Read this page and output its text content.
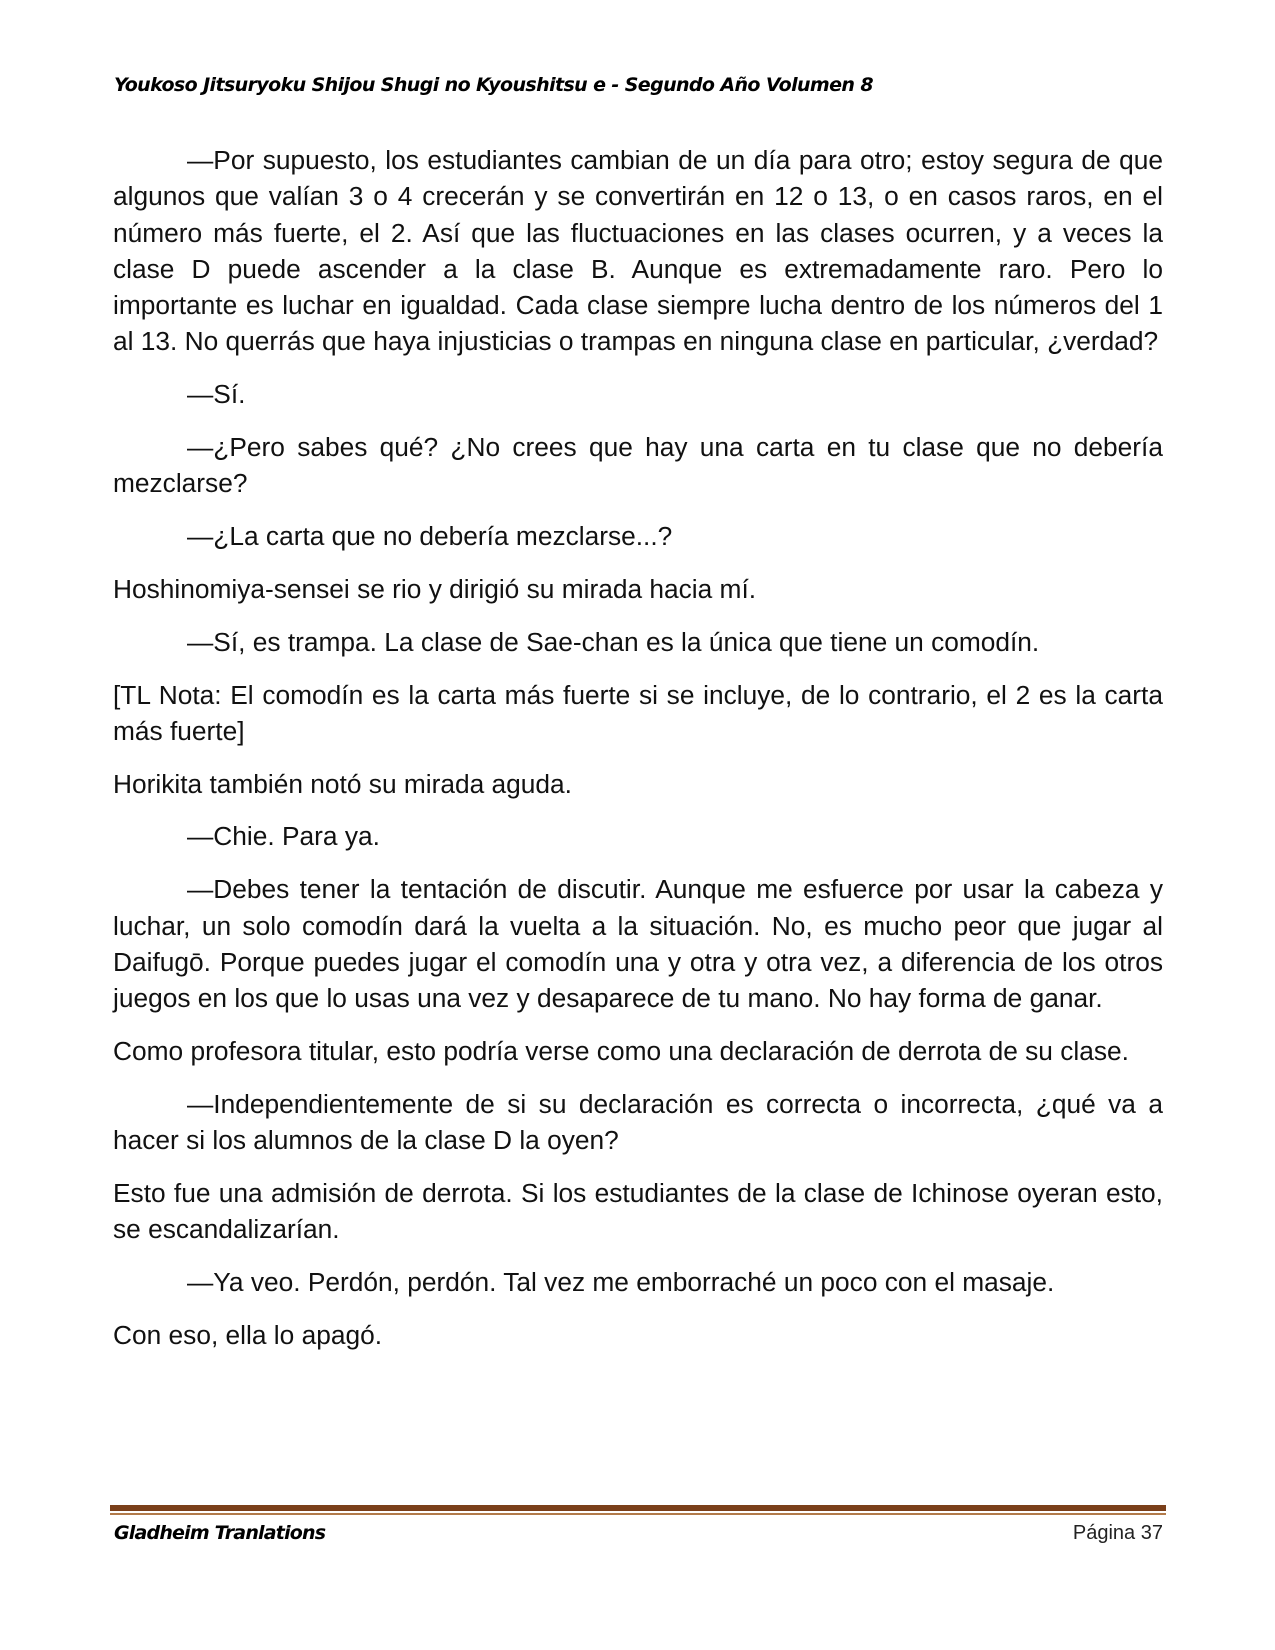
Youkoso Jitsuryoku Shijou Shugi no Kyoushitsu e - Segundo Año Volumen 8

—Por supuesto, los estudiantes cambian de un día para otro; estoy segura de que algunos que valían 3 o 4 crecerán y se convertirán en 12 o 13, o en casos raros, en el número más fuerte, el 2. Así que las fluctuaciones en las clases ocurren, y a veces la clase D puede ascender a la clase B. Aunque es extremadamente raro. Pero lo importante es luchar en igualdad. Cada clase siempre lucha dentro de los números del 1 al 13. No querrás que haya injusticias o trampas en ninguna clase en particular, ¿verdad?

—Sí.

—¿Pero sabes qué? ¿No crees que hay una carta en tu clase que no debería mezclarse?

—¿La carta que no debería mezclarse...?

Hoshinomiya-sensei se rio y dirigió su mirada hacia mí.

—Sí, es trampa. La clase de Sae-chan es la única que tiene un comodín.

[TL Nota: El comodín es la carta más fuerte si se incluye, de lo contrario, el 2 es la carta más fuerte]

Horikita también notó su mirada aguda.

—Chie. Para ya.

—Debes tener la tentación de discutir. Aunque me esfuerce por usar la cabeza y luchar, un solo comodín dará la vuelta a la situación. No, es mucho peor que jugar al Daifugō. Porque puedes jugar el comodín una y otra y otra vez, a diferencia de los otros juegos en los que lo usas una vez y desaparece de tu mano. No hay forma de ganar.

Como profesora titular, esto podría verse como una declaración de derrota de su clase.

—Independientemente de si su declaración es correcta o incorrecta, ¿qué va a hacer si los alumnos de la clase D la oyen?

Esto fue una admisión de derrota. Si los estudiantes de la clase de Ichinose oyeran esto, se escandalizarían.

—Ya veo. Perdón, perdón. Tal vez me emborraché un poco con el masaje.

Con eso, ella lo apagó.

Gladheim Tranlations	Página 37
